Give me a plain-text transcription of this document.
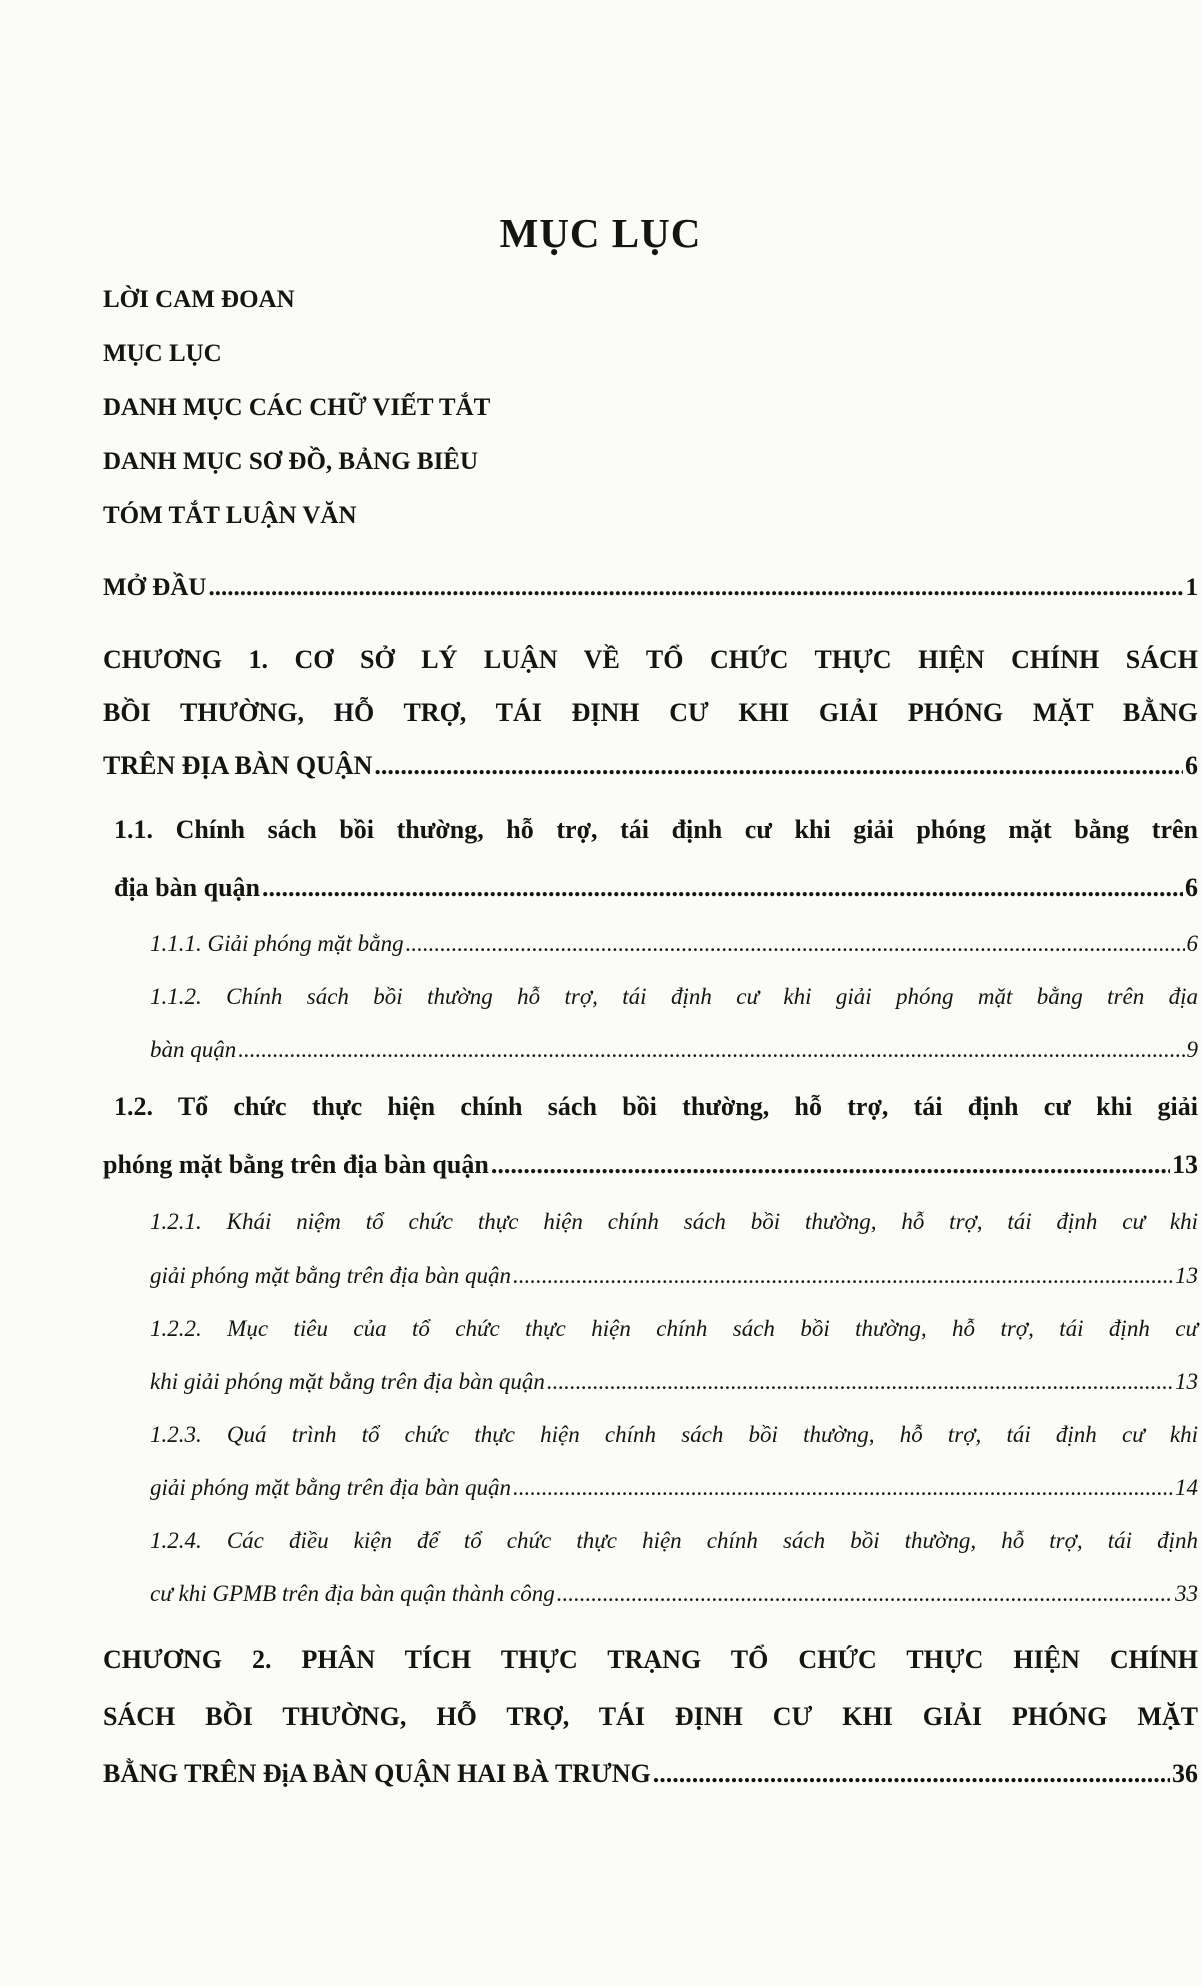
MỤC LỤC
LỜI CAM ĐOAN
MỤC LỤC
DANH MỤC CÁC CHỮ VIẾT TẮT
DANH MỤC SƠ ĐỒ, BẢNG BIÊU
TÓM TẮT LUẬN VĂN
MỞ ĐẦU .....	1
CHƯƠNG 1. CƠ SỞ LÝ LUẬN VỀ TỔ CHỨC THỰC HIỆN CHÍNH SÁCH
BỒI THƯỜNG, HỖ TRỢ, TÁI ĐỊNH CƯ KHI GIẢI PHÓNG MẶT BẰNG
TRÊN ĐỊA BÀN QUẬN .....	6
1.1. Chính sách bồi thường, hỗ trợ, tái định cư khi giải phóng mặt bằng trên
địa bàn quận .....	6
1.1.1. Giải phóng mặt bằng .....	6
1.1.2. Chính sách bồi thường hỗ trợ, tái định cư khi giải phóng mặt bằng trên địa
bàn quận .....	9
1.2. Tổ chức thực hiện chính sách bồi thường, hỗ trợ, tái định cư khi giải
phóng mặt bằng trên địa bàn quận .....	13
1.2.1. Khái niệm tổ chức thực hiện chính sách bồi thường, hỗ trợ, tái định cư khi
giải phóng mặt bằng trên địa bàn quận .....	13
1.2.2. Mục tiêu của tổ chức thực hiện chính sách bồi thường, hỗ trợ, tái định cư
khi giải phóng mặt bằng trên địa bàn quận .....	13
1.2.3. Quá trình tổ chức thực hiện chính sách bồi thường, hỗ trợ, tái định cư khi
giải phóng mặt bằng trên địa bàn quận .....	14
1.2.4. Các điều kiện để tổ chức thực hiện chính sách bồi thường, hỗ trợ, tái định
cư khi GPMB trên địa bàn quận thành công .....	33
CHƯƠNG 2. PHÂN TÍCH THỰC TRẠNG TỔ CHỨC THỰC HIỆN CHÍNH
SÁCH BỒI THƯỜNG, HỖ TRỢ, TÁI ĐỊNH CƯ KHI GIẢI PHÓNG MẶT
BẰNG TRÊN ĐịA BÀN QUẬN HAI BÀ TRƯNG .....	36
